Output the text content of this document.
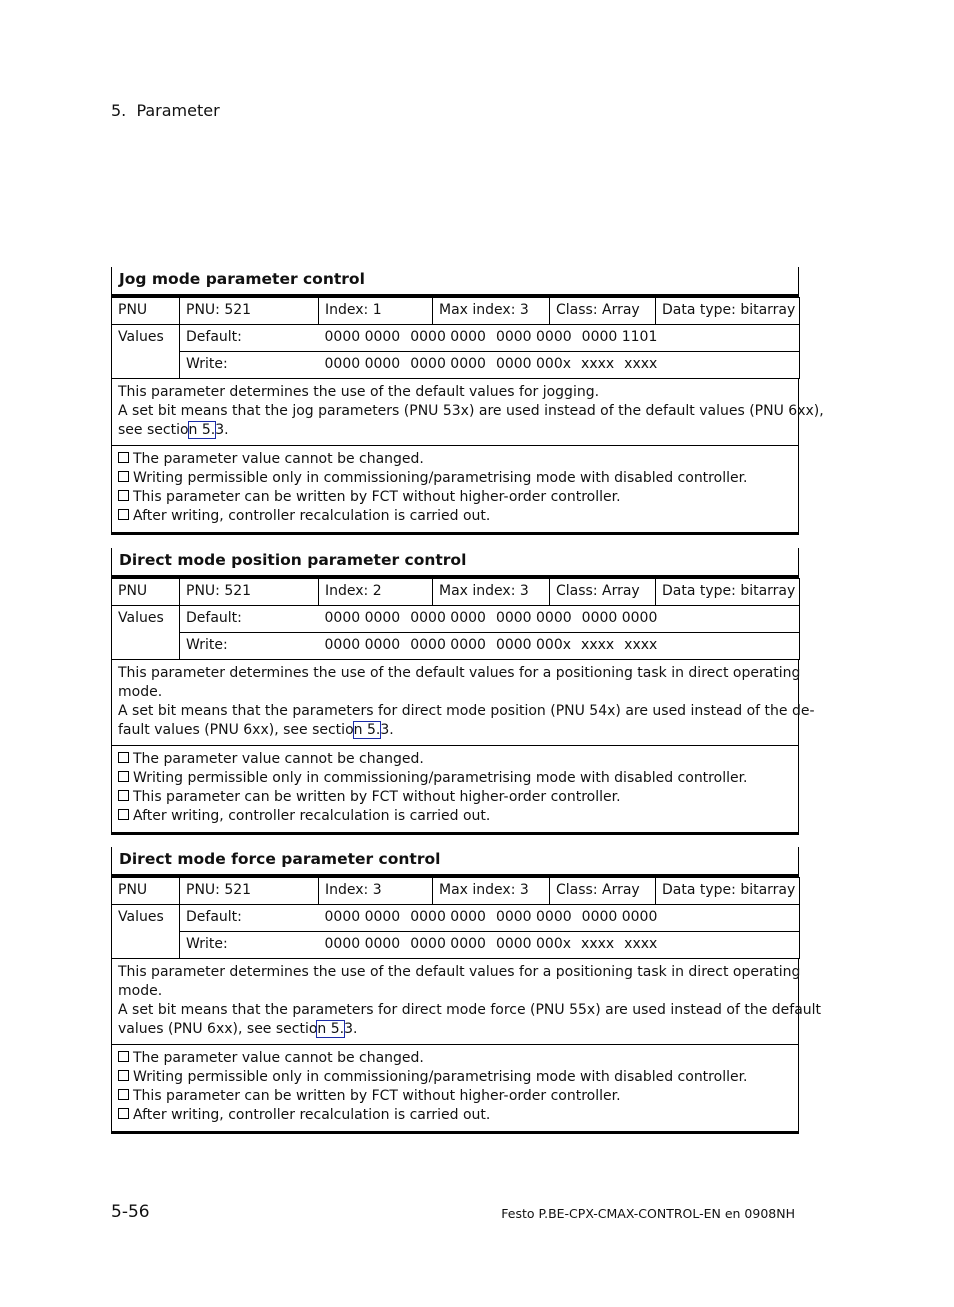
5. Parameter
Jog mode parameter control
PNU	PNU: 521	Index: 1	Max index: 3	Class: Array	Data type: bitarray
Values	Default:	0000 0000 0000 0000 0000 0000 0000 1101			
	Write:	0000 0000 0000 0000 0000 000x xxxx xxxx			
This parameter determines the use of the default values for jogging.
A set bit means that the jog parameters (PNU 53x) are used instead of the default values (PNU 6xx),
see section 5.3.
The parameter value cannot be changed.
Writing permissible only in commissioning/parametrising mode with disabled controller.
This parameter can be written by FCT without higher-order controller.
After writing, controller recalculation is carried out.
Direct mode position parameter control
PNU	PNU: 521	Index: 2	Max index: 3	Class: Array	Data type: bitarray
Values	Default:	0000 0000 0000 0000 0000 0000 0000 0000			
	Write:	0000 0000 0000 0000 0000 000x xxxx xxxx			
This parameter determines the use of the default values for a positioning task in direct operating
mode.
A set bit means that the parameters for direct mode position (PNU 54x) are used instead of the de-
fault values (PNU 6xx), see section 5.3.
The parameter value cannot be changed.
Writing permissible only in commissioning/parametrising mode with disabled controller.
This parameter can be written by FCT without higher-order controller.
After writing, controller recalculation is carried out.
Direct mode force parameter control
PNU	PNU: 521	Index: 3	Max index: 3	Class: Array	Data type: bitarray
Values	Default:	0000 0000 0000 0000 0000 0000 0000 0000			
	Write:	0000 0000 0000 0000 0000 000x xxxx xxxx			
This parameter determines the use of the default values for a positioning task in direct operating
mode.
A set bit means that the parameters for direct mode force (PNU 55x) are used instead of the default
values (PNU 6xx), see section 5.3.
The parameter value cannot be changed.
Writing permissible only in commissioning/parametrising mode with disabled controller.
This parameter can be written by FCT without higher-order controller.
After writing, controller recalculation is carried out.
5-56	Festo P.BE-CPX-CMAX-CONTROL-EN en 0908NH
